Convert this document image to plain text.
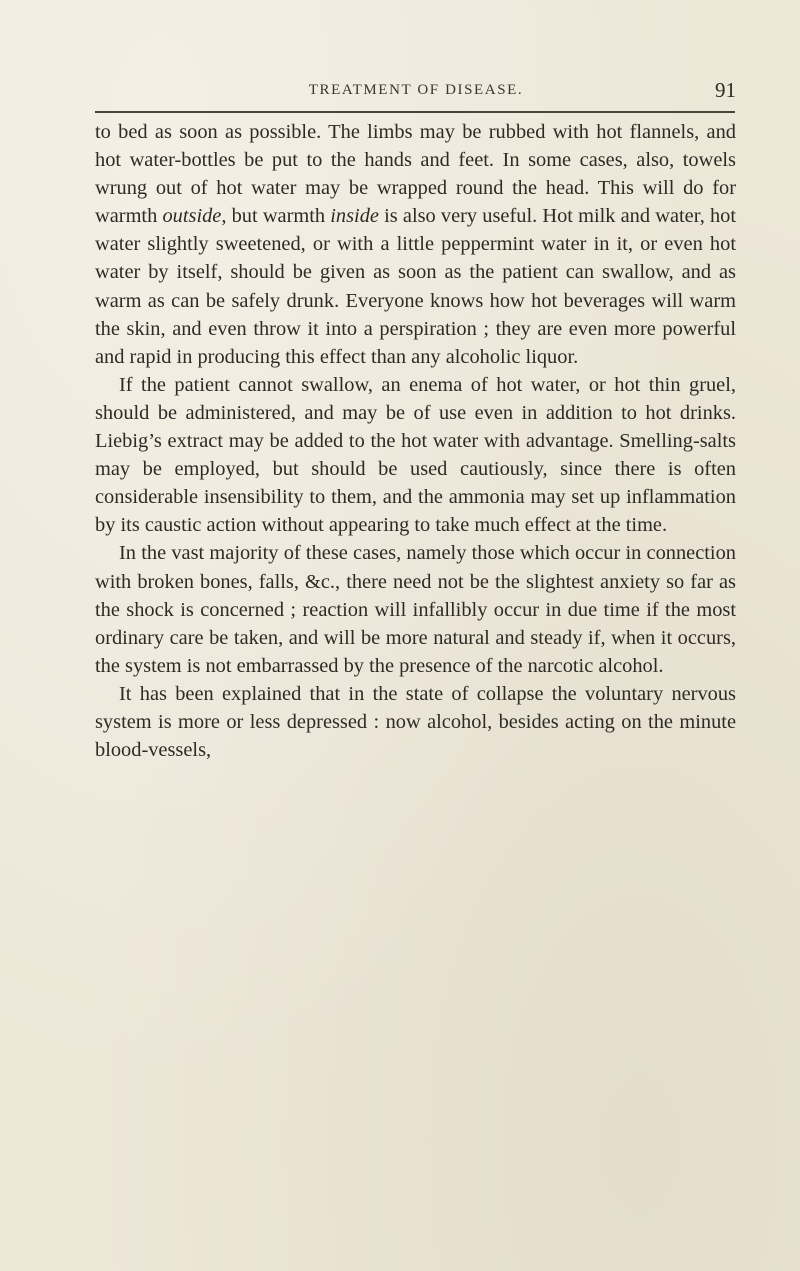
TREATMENT OF DISEASE.	91

to bed as soon as possible. The limbs may be rubbed with hot flannels, and hot water-bottles be put to the hands and feet. In some cases, also, towels wrung out of hot water may be wrapped round the head. This will do for warmth outside, but warmth inside is also very useful. Hot milk and water, hot water slightly sweetened, or with a little peppermint water in it, or even hot water by itself, should be given as soon as the patient can swallow, and as warm as can be safely drunk. Everyone knows how hot beverages will warm the skin, and even throw it into a perspiration ; they are even more powerful and rapid in producing this effect than any alcoholic liquor.

If the patient cannot swallow, an enema of hot water, or hot thin gruel, should be administered, and may be of use even in addition to hot drinks. Liebig’s extract may be added to the hot water with advantage. Smelling-salts may be employed, but should be used cautiously, since there is often considerable insensibility to them, and the ammonia may set up inflammation by its caustic action without appearing to take much effect at the time.

In the vast majority of these cases, namely those which occur in connection with broken bones, falls, &c., there need not be the slightest anxiety so far as the shock is concerned ; reaction will infallibly occur in due time if the most ordinary care be taken, and will be more natural and steady if, when it occurs, the system is not embarrassed by the presence of the narcotic alcohol.

It has been explained that in the state of collapse the voluntary nervous system is more or less depressed : now alcohol, besides acting on the minute blood-vessels,
